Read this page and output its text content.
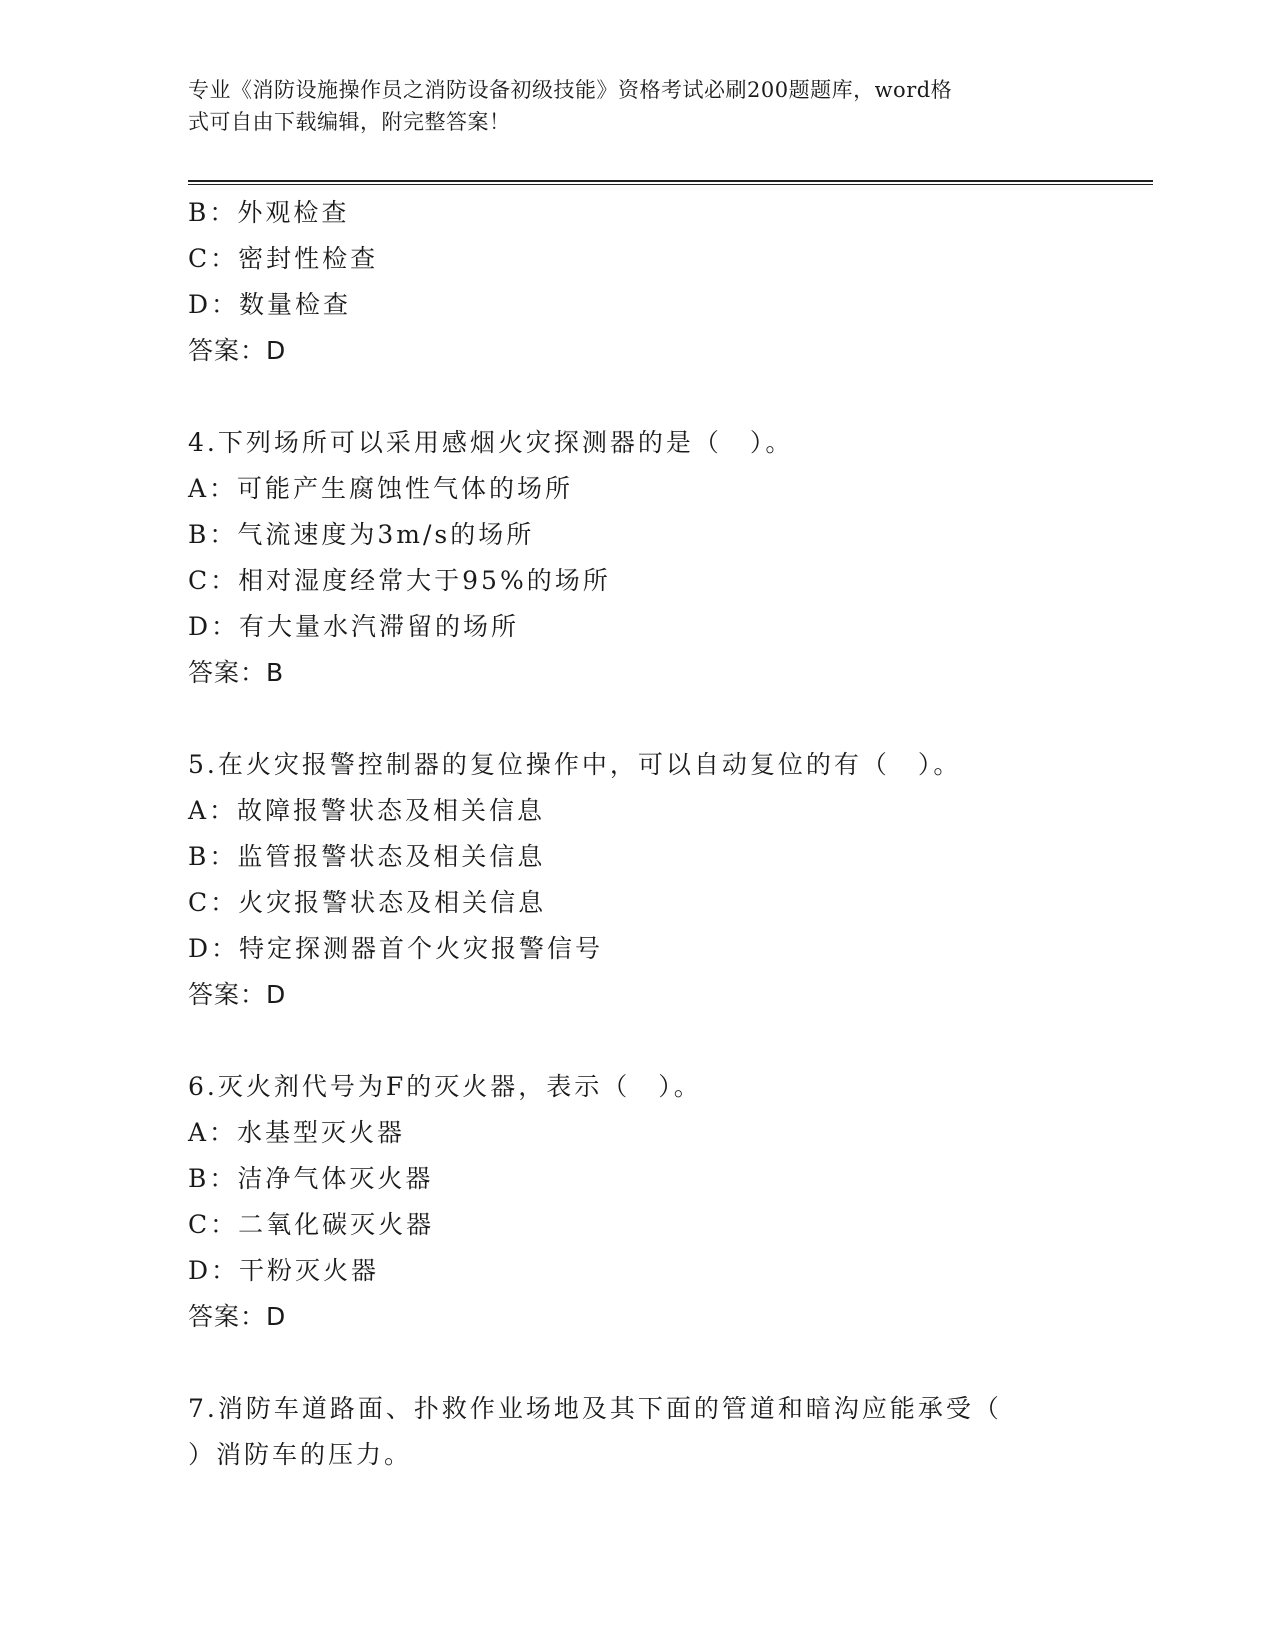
专业《消防设施操作员之消防设备初级技能》资格考试必刷200题题库，word格
式可自由下载编辑，附完整答案！
B：外观检查
C：密封性检查
D：数量检查
答案：D
4.下列场所可以采用感烟火灾探测器的是（　）。
A：可能产生腐蚀性气体的场所
B：气流速度为3m/s的场所
C：相对湿度经常大于95%的场所
D：有大量水汽滞留的场所
答案：B
5.在火灾报警控制器的复位操作中，可以自动复位的有（　）。
A：故障报警状态及相关信息
B：监管报警状态及相关信息
C：火灾报警状态及相关信息
D：特定探测器首个火灾报警信号
答案：D
6.灭火剂代号为F的灭火器，表示（　）。
A：水基型灭火器
B：洁净气体灭火器
C：二氧化碳灭火器
D：干粉灭火器
答案：D
7.消防车道路面、扑救作业场地及其下面的管道和暗沟应能承受（
）消防车的压力。
